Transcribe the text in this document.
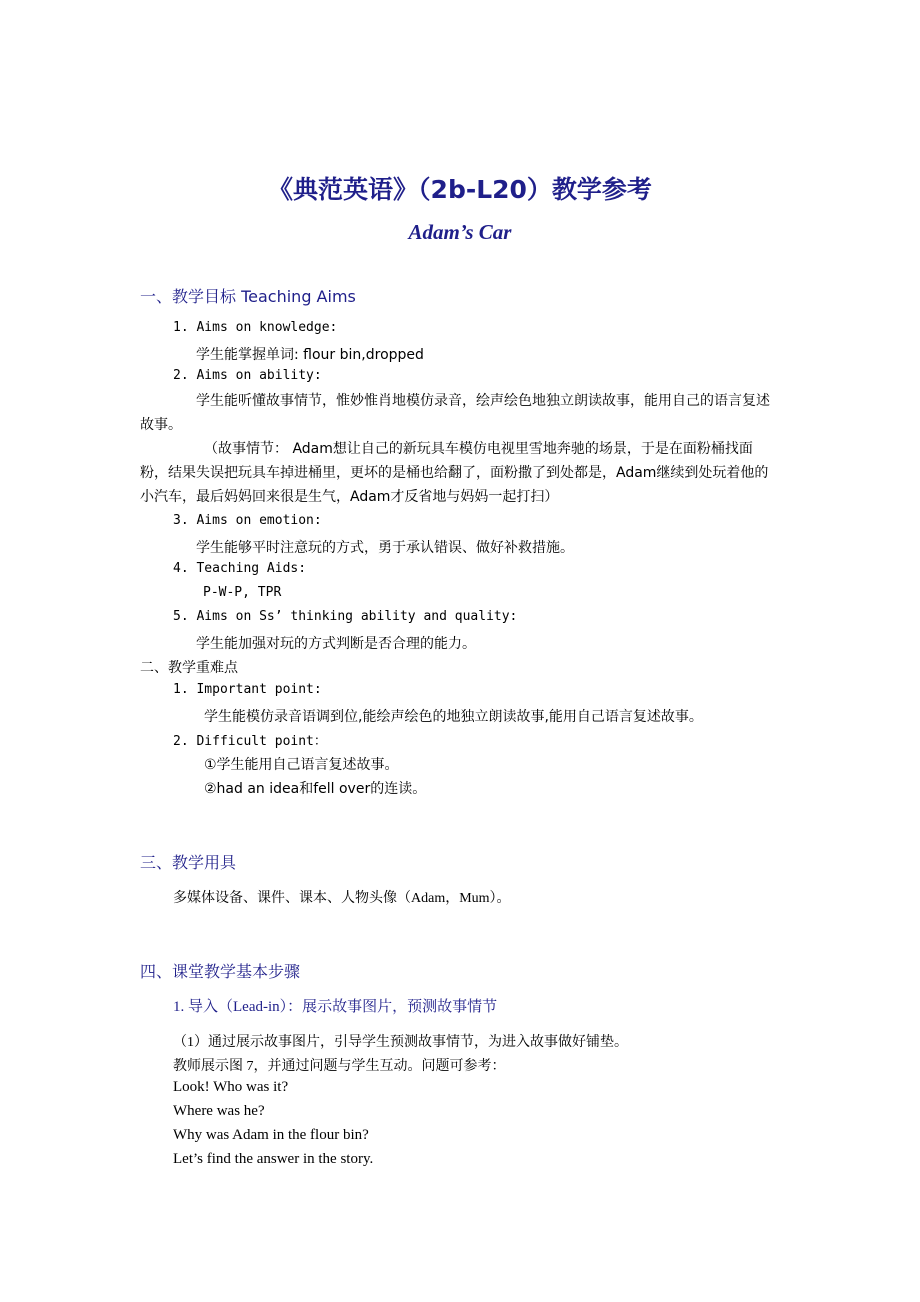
《典范英语》（2b-L20）教学参考
Adam’s Car
一、教学目标 Teaching Aims
1. Aims on knowledge:
学生能掌握单词: flour bin,dropped
2. Aims on ability:

学生能听懂故事情节，惟妙惟肖地模仿录音，绘声绘色地独立朗读故事，能用自己的语言复述故事。

（故事情节： Adam想让自己的新玩具车模仿电视里雪地奔驰的场景，于是在面粉桶找面粉，结果失误把玩具车掉进桶里，更坏的是桶也给翻了，面粉撒了到处都是，Adam继续到处玩着他的小汽车，最后妈妈回来很是生气，Adam才反省地与妈妈一起打扫）

3. Aims on emotion:
学生能够平时注意玩的方式，勇于承认错误、做好补救措施。
4. Teaching Aids:
P-W-P, TPR
5. Aims on Ss’ thinking ability and quality:
学生能加强对玩的方式判断是否合理的能力。
二、教学重难点
1. Important point:
学生能模仿录音语调到位,能绘声绘色的地独立朗读故事,能用自己语言复述故事。
2. Difficult point：
①学生能用自己语言复述故事。
②had an idea和fell over的连读。
三、教学用具
多媒体设备、课件、课本、人物头像（Adam，Mum）。
四、课堂教学基本步骤
1. 导入（Lead-in）：展示故事图片，预测故事情节
（1）通过展示故事图片，引导学生预测故事情节，为进入故事做好铺垫。
教师展示图 7，并通过问题与学生互动。问题可参考：
Look! Who was it?
Where was he?
Why was Adam in the flour bin?
Let’s find the answer in the story.
